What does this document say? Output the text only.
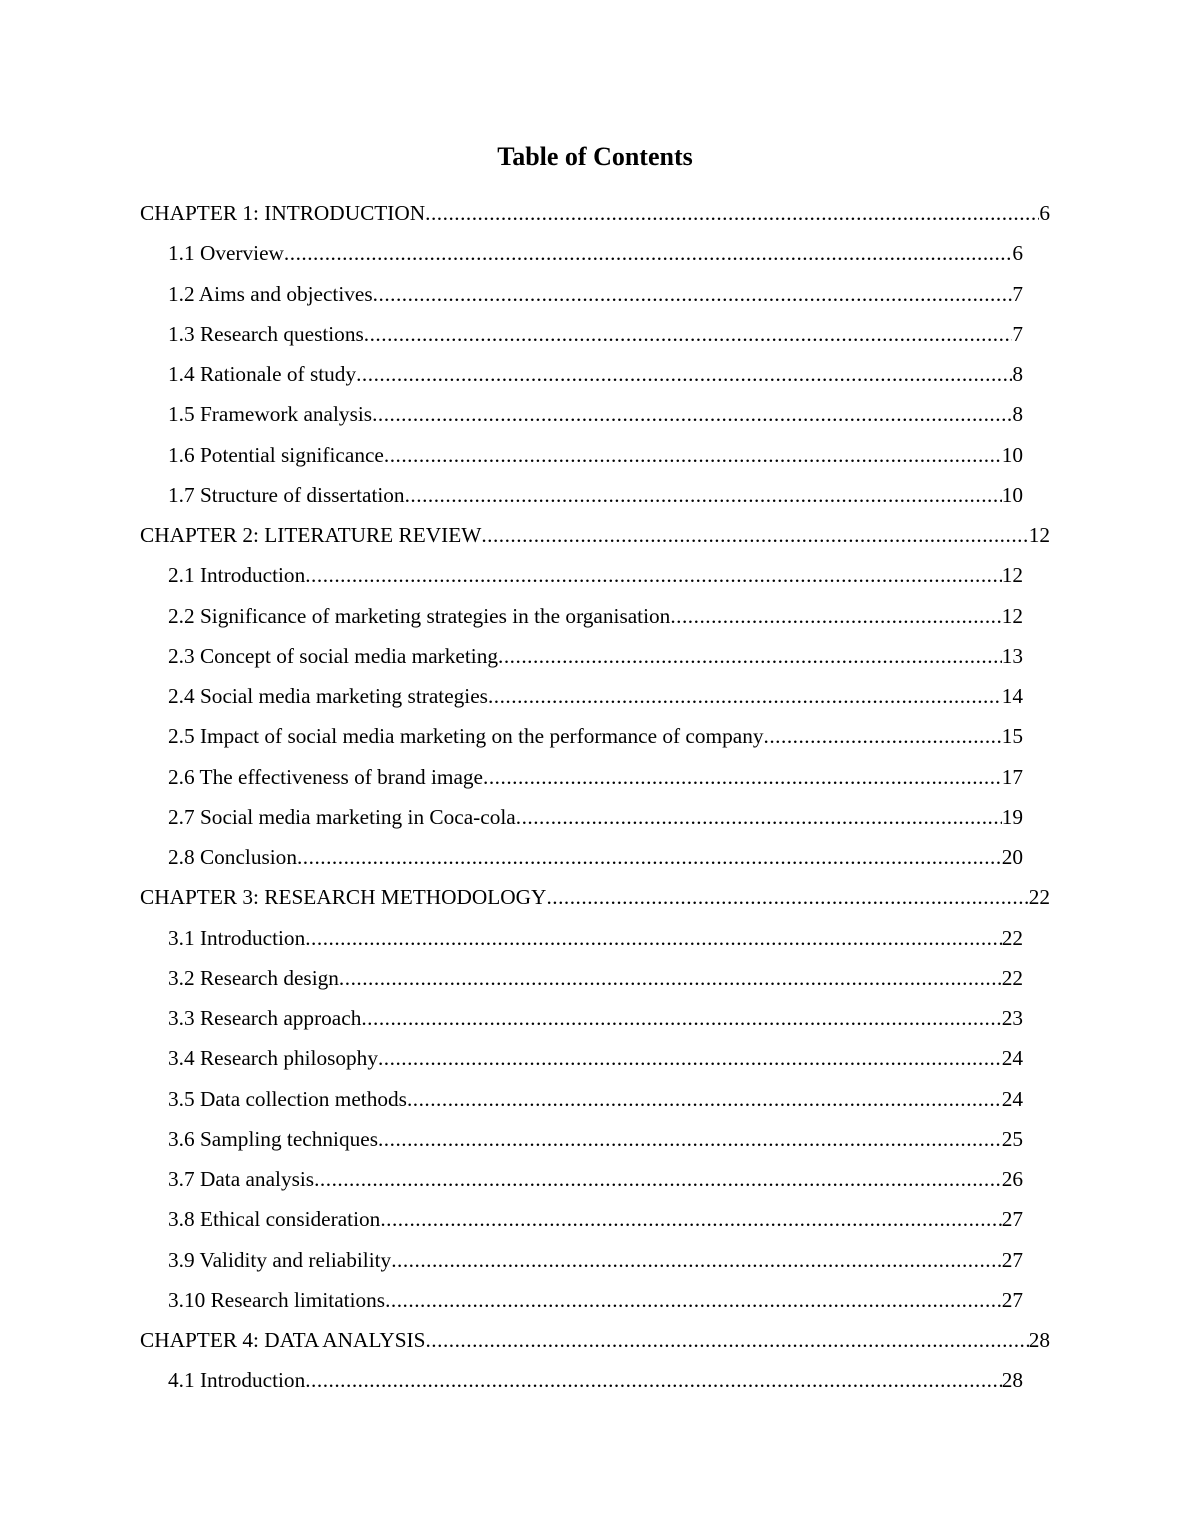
Table of Contents
CHAPTER 1: INTRODUCTION .....	6
1.1 Overview .....	6
1.2 Aims and objectives .....	7
1.3 Research questions .....	7
1.4 Rationale of study .....	8
1.5 Framework analysis .....	8
1.6 Potential significance .....	10
1.7 Structure of dissertation .....	10
CHAPTER 2: LITERATURE REVIEW .....	12
2.1 Introduction .....	12
2.2 Significance of marketing strategies in the organisation .....	12
2.3 Concept of social media marketing .....	13
2.4 Social media marketing strategies .....	14
2.5 Impact of social media marketing on the performance of company .....	15
2.6 The effectiveness of brand image .....	17
2.7 Social media marketing in Coca-cola .....	19
2.8 Conclusion .....	20
CHAPTER 3: RESEARCH METHODOLOGY .....	22
3.1 Introduction .....	22
3.2 Research design .....	22
3.3 Research approach .....	23
3.4 Research philosophy .....	24
3.5 Data collection methods .....	24
3.6 Sampling techniques .....	25
3.7 Data analysis .....	26
3.8 Ethical consideration .....	27
3.9 Validity and reliability .....	27
3.10 Research limitations .....	27
CHAPTER 4: DATA ANALYSIS .....	28
4.1 Introduction .....	28
